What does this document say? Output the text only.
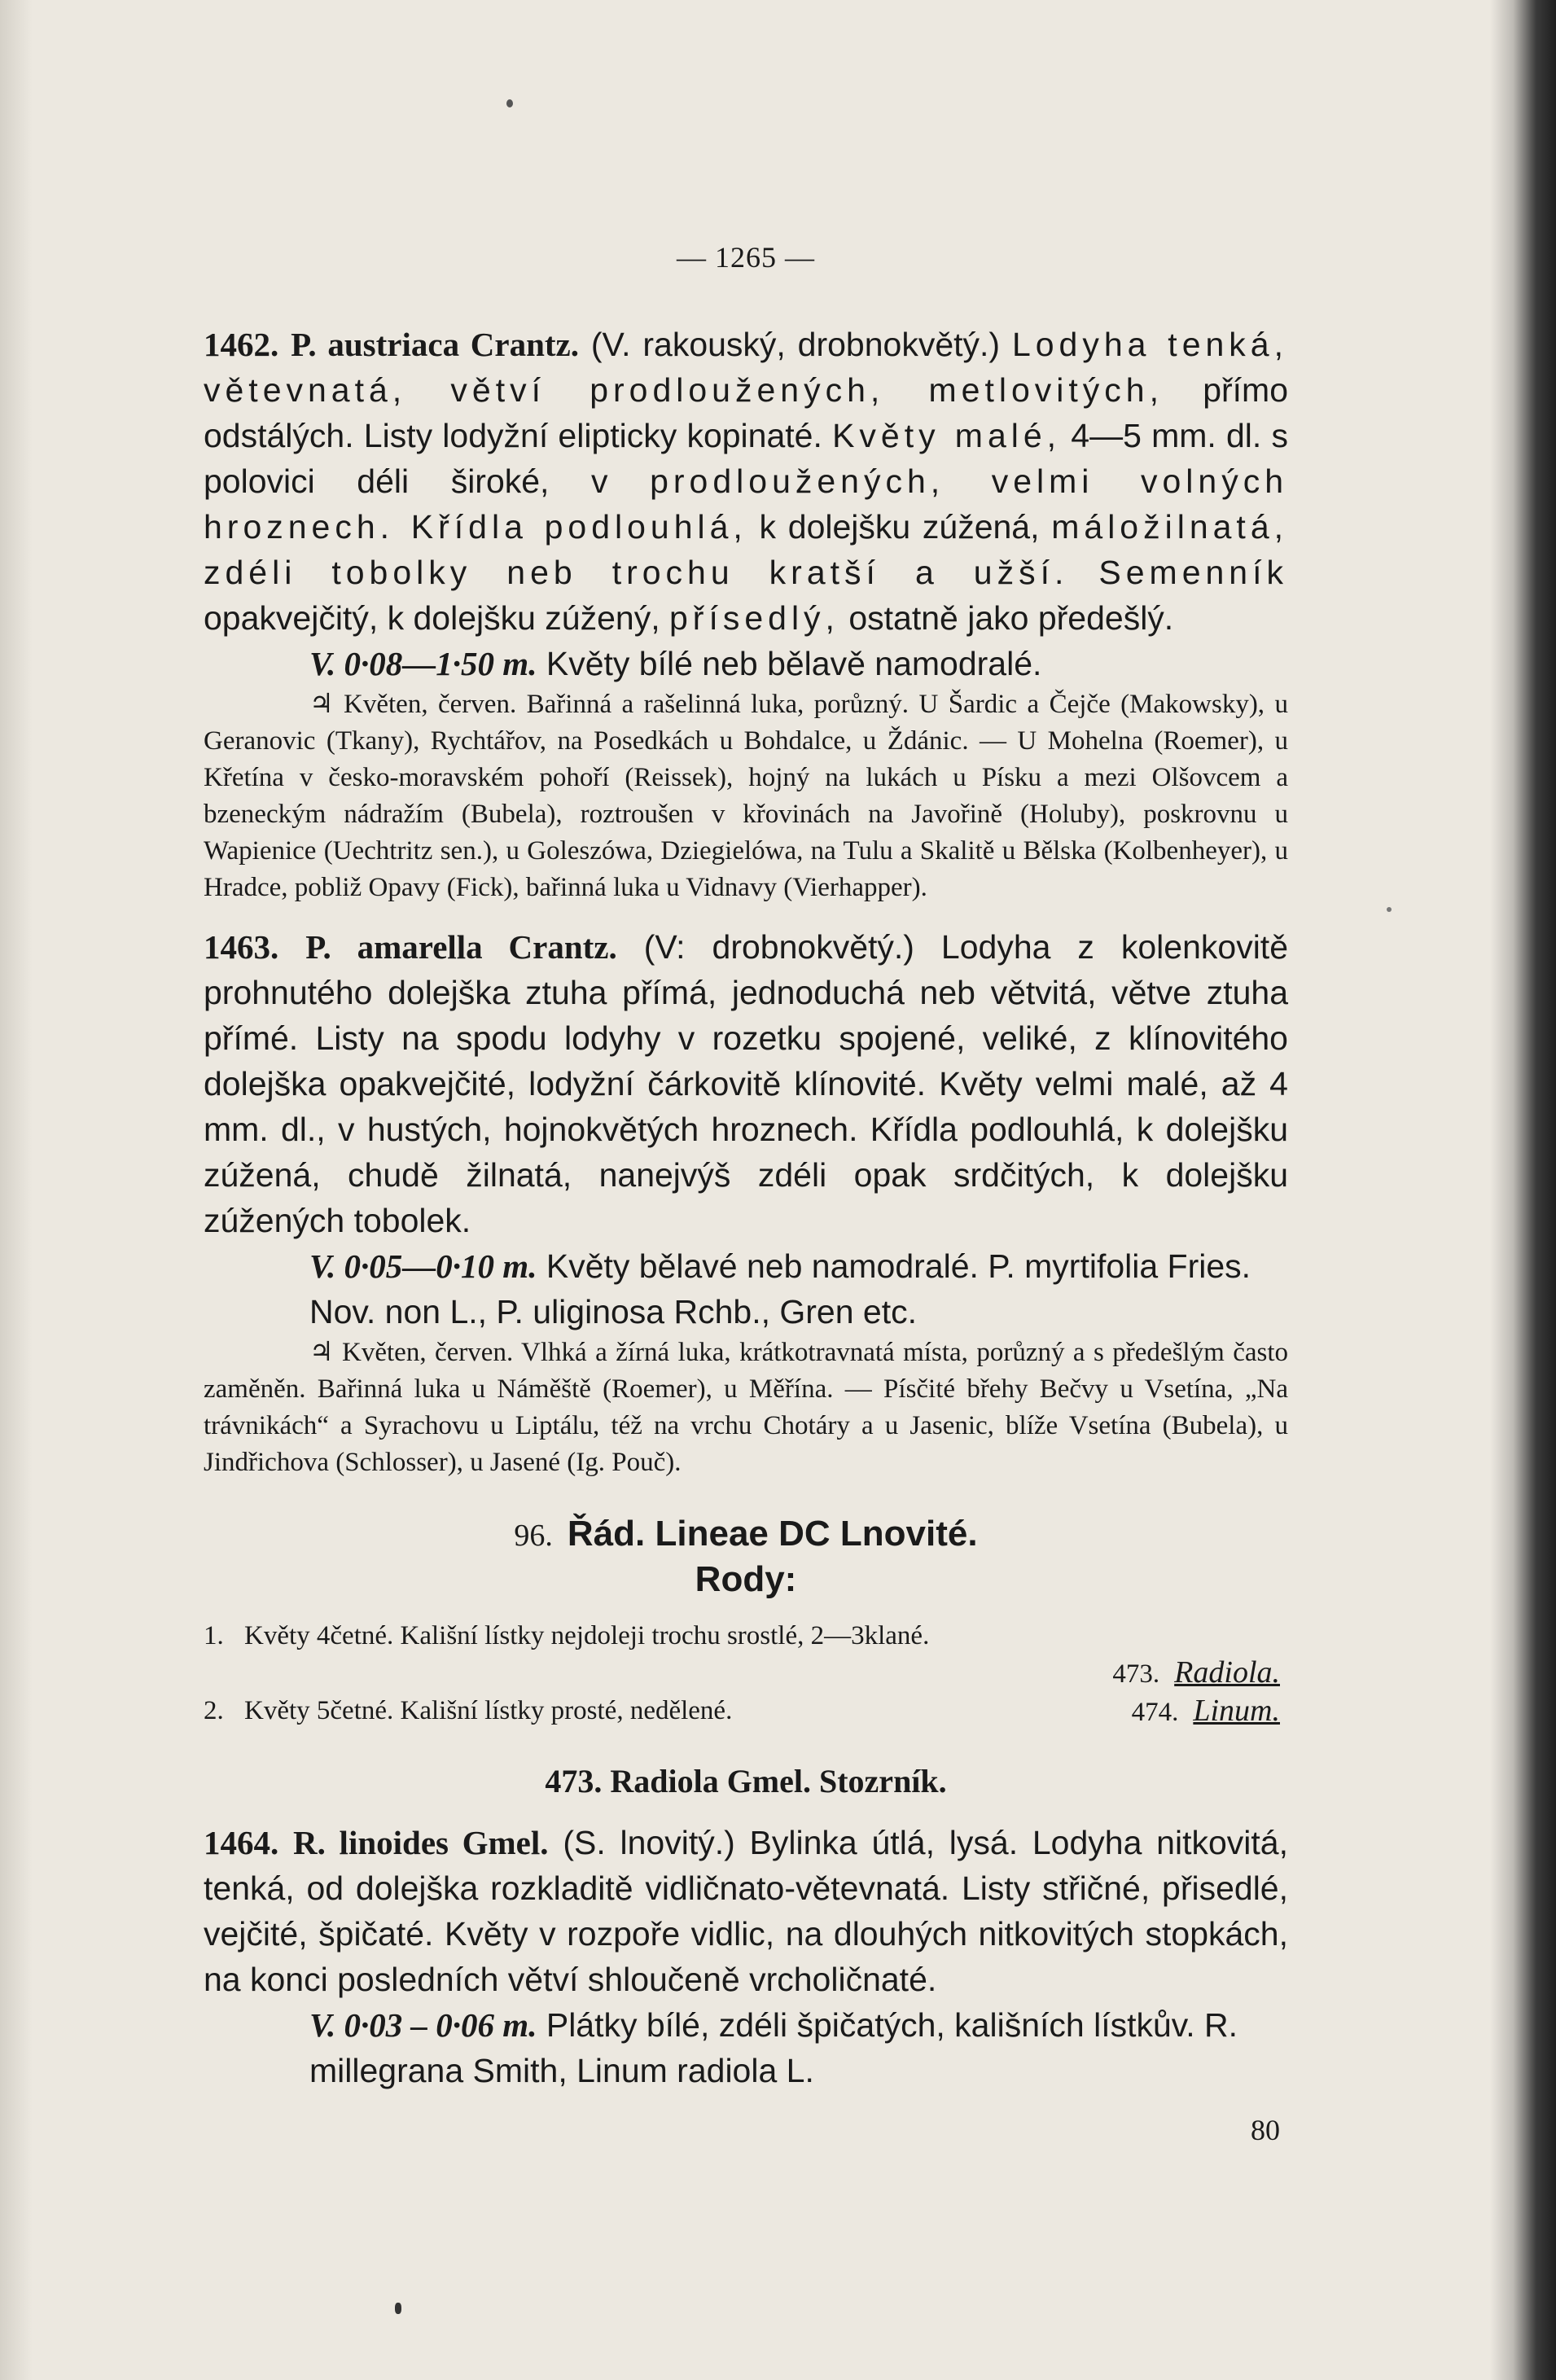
— 1265 —

1462. P. austriaca Crantz. (V. rakouský, drobnokvětý.) Lodyha tenká, větevnatá, větví prodloužených, metlovitých, přímo odstálých. Listy lodyžní elipticky kopinaté. Květy malé, 4—5 mm. dl. s polovici déli široké, v prodloužených, velmi volných hroznech. Křídla podlouhlá, k dolejšku zúžená, máložilnatá, zdéli tobolky neb trochu kratší a užší. Semenník opakvejčitý, k dolejšku zúžený, přísedlý, ostatně jako předešlý.

V. 0·08—1·50 m. Květy bílé neb bělavě namodralé.

♃ Květen, červen. Bařinná a rašelinná luka, porůzný. U Šardic a Čejče (Makowsky), u Geranovic (Tkany), Rychtářov, na Posedkách u Bohdalce, u Ždánic. — U Mohelna (Roemer), u Křetína v česko-moravském pohoří (Reissek), hojný na lukách u Písku a mezi Olšovcem a bzeneckým nádražím (Bubela), roztroušen v křovinách na Javořině (Holuby), poskrovnu u Wapienice (Uechtritz sen.), u Goleszówa, Dziegielówa, na Tulu a Skalitě u Bělska (Kolbenheyer), u Hradce, pobliž Opavy (Fick), bařinná luka u Vidnavy (Vierhapper).

1463. P. amarella Crantz. (V: drobnokvětý.) Lodyha z kolenkovitě prohnutého dolejška ztuha přímá, jednoduchá neb větvitá, větve ztuha přímé. Listy na spodu lodyhy v rozetku spojené, veliké, z klínovitého dolejška opakvejčité, lodyžní čárkovitě klínovité. Květy velmi malé, až 4 mm. dl., v hustých, hojnokvětých hroznech. Křídla podlouhlá, k dolejšku zúžená, chudě žilnatá, nanejvýš zdéli opak srdčitých, k dolejšku zúžených tobolek.

V. 0·05—0·10 m. Květy bělavé neb namodralé. P. myrtifolia Fries. Nov. non L., P. uliginosa Rchb., Gren etc.

♃ Květen, červen. Vlhká a žírná luka, krátkotravnatá místa, porůzný a s předešlým často zaměněn. Bařinná luka u Náměště (Roemer), u Měřína. — Písčité břehy Bečvy u Vsetína, „Na trávnikách“ a Syrachovu u Liptálu, též na vrchu Chotáry a u Jasenic, blíže Vsetína (Bubela), u Jindřichova (Schlosser), u Jasené (Ig. Pouč).

96. Řád. Lineae DC Lnovité.
Rody:
1. Květy 4četné. Kališní lístky nejdoleji trochu srostlé, 2—3klané.
473. Radiola.
2. Květy 5četné. Kališní lístky prosté, nedělené.	474. Linum.
473. Radiola Gmel. Stozrník.

1464. R. linoides Gmel. (S. lnovitý.) Bylinka útlá, lysá. Lodyha nitkovitá, tenká, od dolejška rozkladitě vidličnato-větevnatá. Listy střičné, přisedlé, vejčité, špičaté. Květy v rozpoře vidlic, na dlouhých nitkovitých stopkách, na konci posledních větví shloučeně vrcholičnaté.

V. 0·03 – 0·06 m. Plátky bílé, zdéli špičatých, kališních lístkův. R. millegrana Smith, Linum radiola L.

80
